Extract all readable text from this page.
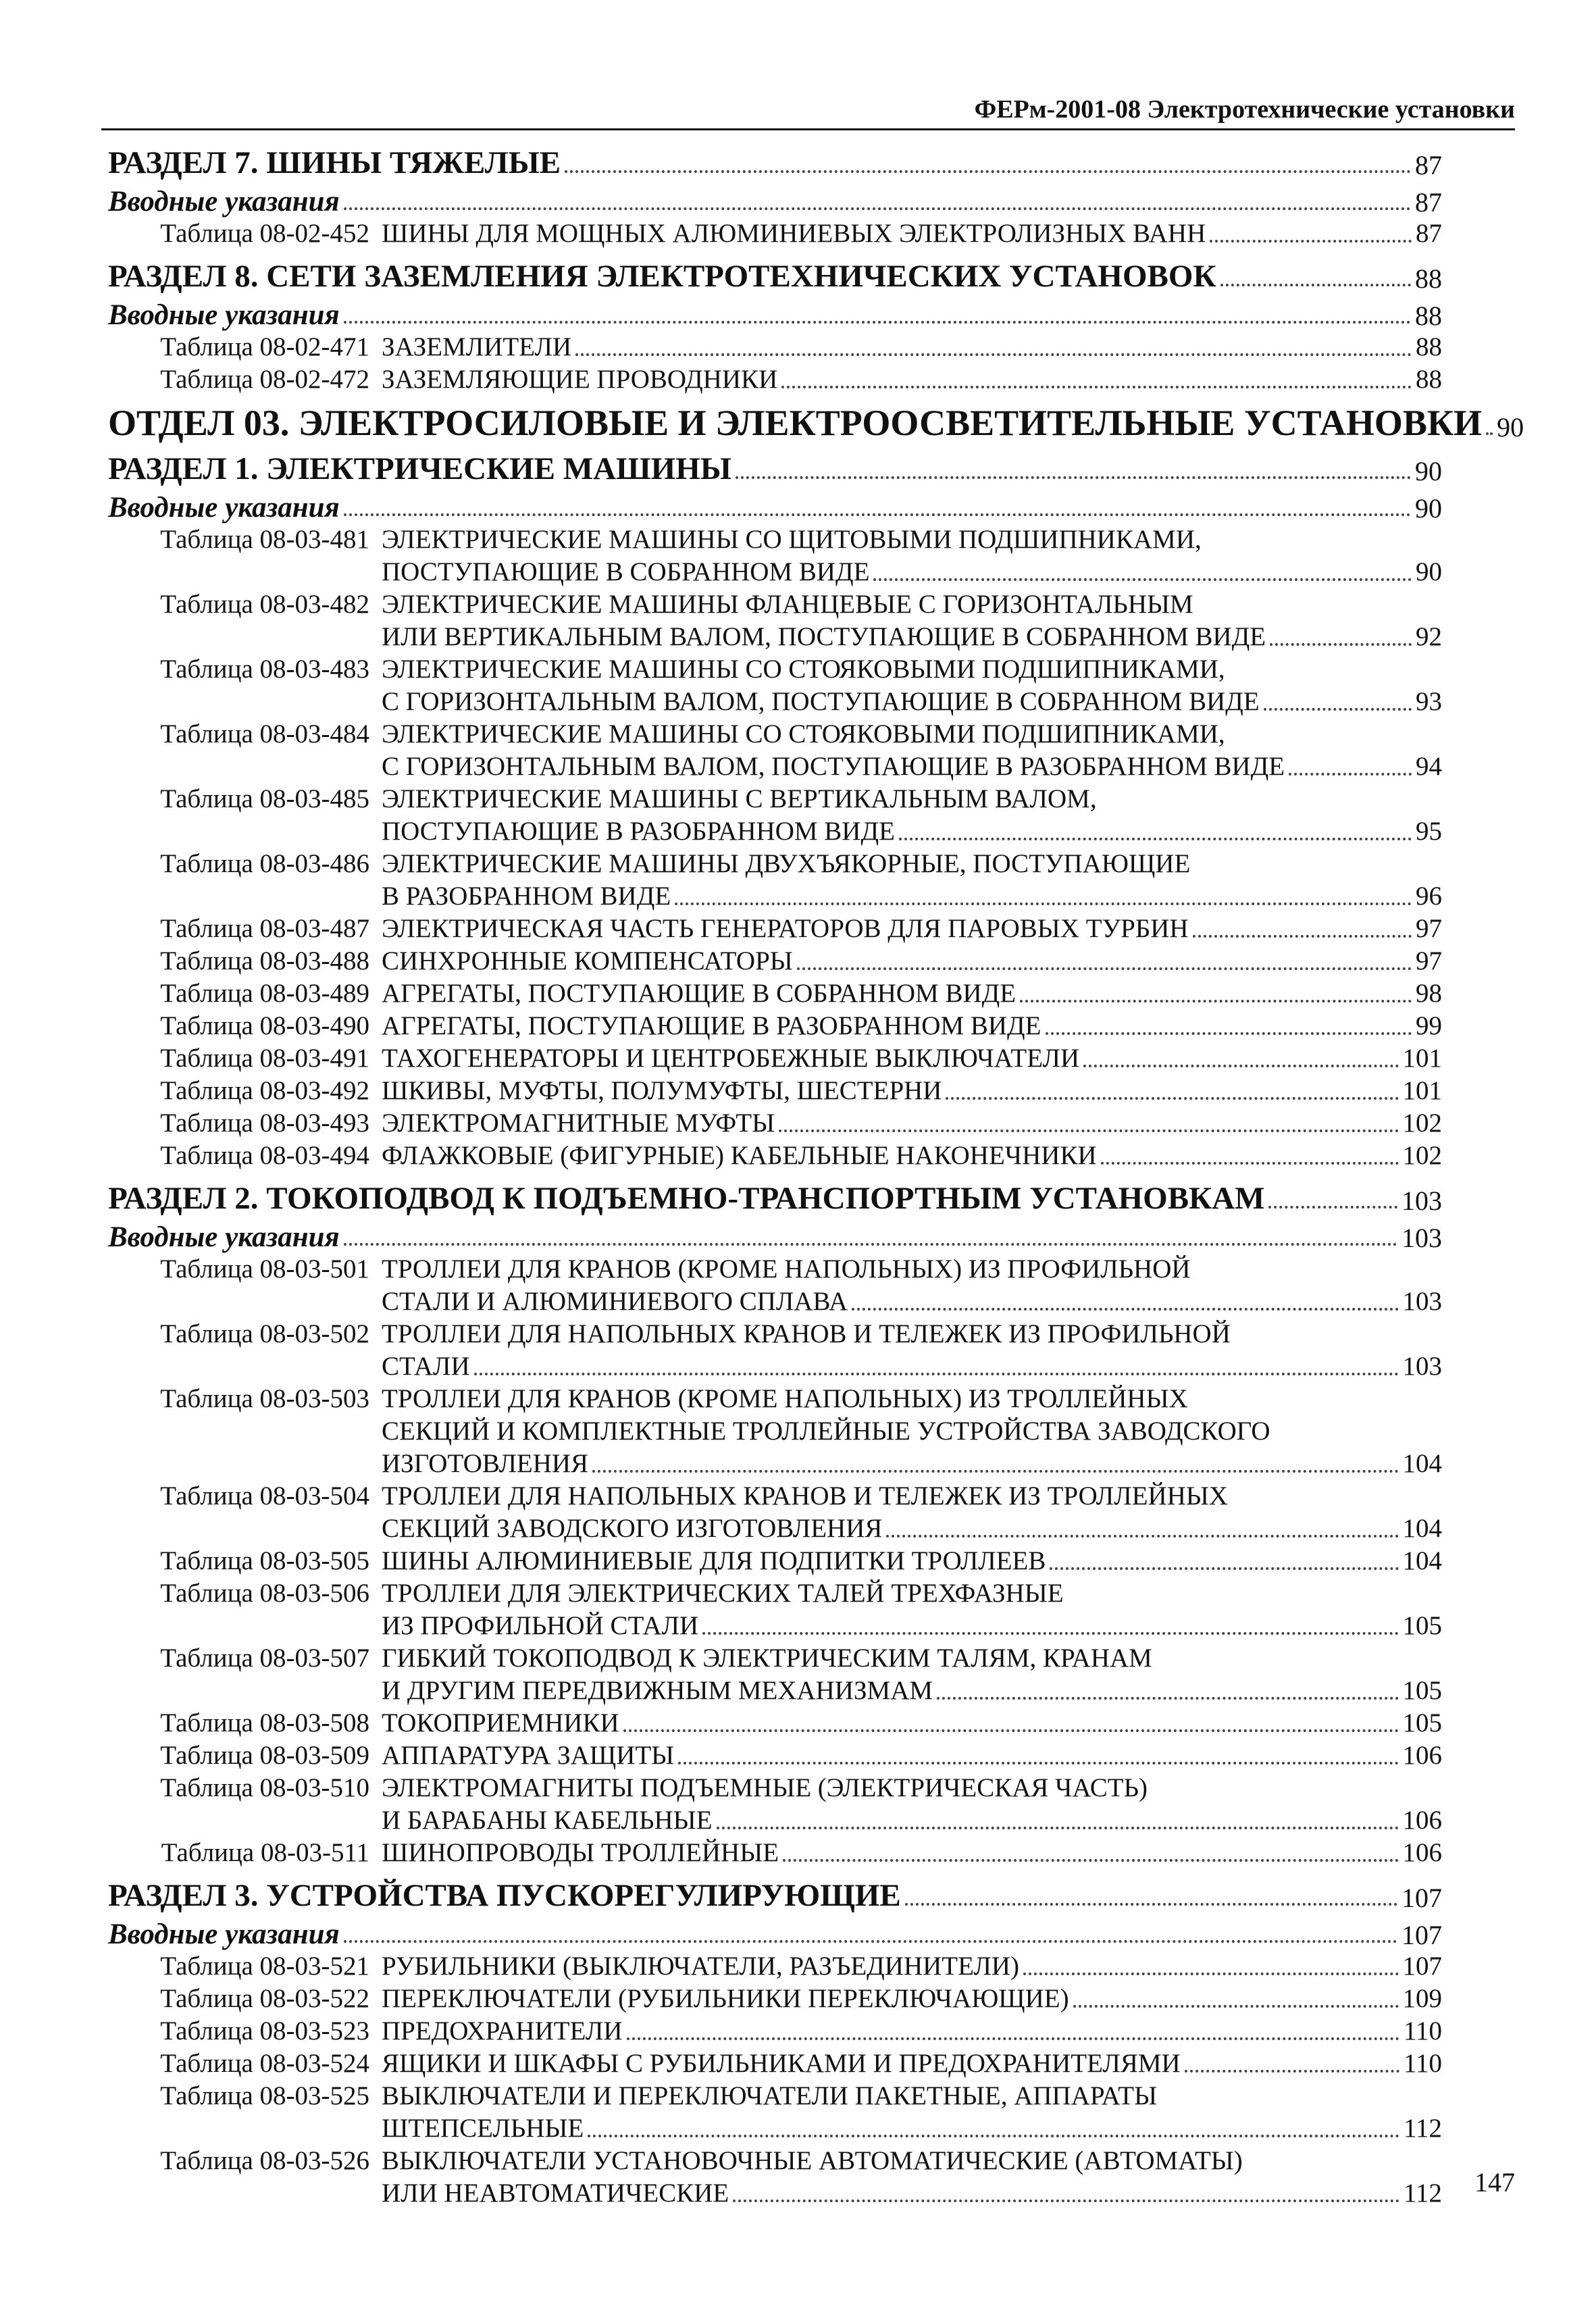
ФЕРм-2001-08 Электротехнические установки
РАЗДЕЛ 7. ШИНЫ ТЯЖЕЛЫЕ	87
Вводные указания	87
Таблица 08-02-452 ШИНЫ ДЛЯ МОЩНЫХ АЛЮМИНИЕВЫХ ЭЛЕКТРОЛИЗНЫХ ВАНН	87
РАЗДЕЛ 8. СЕТИ ЗАЗЕМЛЕНИЯ ЭЛЕКТРОТЕХНИЧЕСКИХ УСТАНОВОК	88
Вводные указания	88
Таблица 08-02-471 ЗАЗЕМЛИТЕЛИ	88
Таблица 08-02-472 ЗАЗЕМЛЯЮЩИЕ ПРОВОДНИКИ	88
ОТДЕЛ 03. ЭЛЕКТРОСИЛОВЫЕ И ЭЛЕКТРООСВЕТИТЕЛЬНЫЕ УСТАНОВКИ 90
РАЗДЕЛ 1. ЭЛЕКТРИЧЕСКИЕ МАШИНЫ	90
Вводные указания	90
Таблица 08-03-481 ЭЛЕКТРИЧЕСКИЕ МАШИНЫ СО ЩИТОВЫМИ ПОДШИПНИКАМИ,
ПОСТУПАЮЩИЕ В СОБРАННОМ ВИДЕ	90
Таблица 08-03-482 ЭЛЕКТРИЧЕСКИЕ МАШИНЫ ФЛАНЦЕВЫЕ С ГОРИЗОНТАЛЬНЫМ
ИЛИ ВЕРТИКАЛЬНЫМ ВАЛОМ, ПОСТУПАЮЩИЕ В СОБРАННОМ ВИДЕ	92
Таблица 08-03-483 ЭЛЕКТРИЧЕСКИЕ МАШИНЫ СО СТОЯКОВЫМИ ПОДШИПНИКАМИ,
С ГОРИЗОНТАЛЬНЫМ ВАЛОМ, ПОСТУПАЮЩИЕ В СОБРАННОМ ВИДЕ	93
Таблица 08-03-484 ЭЛЕКТРИЧЕСКИЕ МАШИНЫ СО СТОЯКОВЫМИ ПОДШИПНИКАМИ,
С ГОРИЗОНТАЛЬНЫМ ВАЛОМ, ПОСТУПАЮЩИЕ В РАЗОБРАННОМ ВИДЕ	94
Таблица 08-03-485 ЭЛЕКТРИЧЕСКИЕ МАШИНЫ С ВЕРТИКАЛЬНЫМ ВАЛОМ,
ПОСТУПАЮЩИЕ В РАЗОБРАННОМ ВИДЕ	95
Таблица 08-03-486 ЭЛЕКТРИЧЕСКИЕ МАШИНЫ ДВУХЪЯКОРНЫЕ, ПОСТУПАЮЩИЕ
В РАЗОБРАННОМ ВИДЕ	96
Таблица 08-03-487 ЭЛЕКТРИЧЕСКАЯ ЧАСТЬ ГЕНЕРАТОРОВ ДЛЯ ПАРОВЫХ ТУРБИН	97
Таблица 08-03-488 СИНХРОННЫЕ КОМПЕНСАТОРЫ	97
Таблица 08-03-489 АГРЕГАТЫ, ПОСТУПАЮЩИЕ В СОБРАННОМ ВИДЕ	98
Таблица 08-03-490 АГРЕГАТЫ, ПОСТУПАЮЩИЕ В РАЗОБРАННОМ ВИДЕ	99
Таблица 08-03-491 ТАХОГЕНЕРАТОРЫ И ЦЕНТРОБЕЖНЫЕ ВЫКЛЮЧАТЕЛИ	101
Таблица 08-03-492 ШКИВЫ, МУФТЫ, ПОЛУМУФТЫ, ШЕСТЕРНИ	101
Таблица 08-03-493 ЭЛЕКТРОМАГНИТНЫЕ МУФТЫ	102
Таблица 08-03-494 ФЛАЖКОВЫЕ (ФИГУРНЫЕ) КАБЕЛЬНЫЕ НАКОНЕЧНИКИ	102
РАЗДЕЛ 2. ТОКОПОДВОД К ПОДЪЕМНО-ТРАНСПОРТНЫМ УСТАНОВКАМ	103
Вводные указания	103
Таблица 08-03-501 ТРОЛЛЕИ ДЛЯ КРАНОВ (КРОМЕ НАПОЛЬНЫХ) ИЗ ПРОФИЛЬНОЙ
СТАЛИ И АЛЮМИНИЕВОГО СПЛАВА	103
Таблица 08-03-502 ТРОЛЛЕИ ДЛЯ НАПОЛЬНЫХ КРАНОВ И ТЕЛЕЖЕК ИЗ ПРОФИЛЬНОЙ
СТАЛИ	103
Таблица 08-03-503 ТРОЛЛЕИ ДЛЯ КРАНОВ (КРОМЕ НАПОЛЬНЫХ) ИЗ ТРОЛЛЕЙНЫХ
СЕКЦИЙ И КОМПЛЕКТНЫЕ ТРОЛЛЕЙНЫЕ УСТРОЙСТВА ЗАВОДСКОГО
ИЗГОТОВЛЕНИЯ	104
Таблица 08-03-504 ТРОЛЛЕИ ДЛЯ НАПОЛЬНЫХ КРАНОВ И ТЕЛЕЖЕК ИЗ ТРОЛЛЕЙНЫХ
СЕКЦИЙ ЗАВОДСКОГО ИЗГОТОВЛЕНИЯ	104
Таблица 08-03-505 ШИНЫ АЛЮМИНИЕВЫЕ ДЛЯ ПОДПИТКИ ТРОЛЛЕЕВ	104
Таблица 08-03-506 ТРОЛЛЕИ ДЛЯ ЭЛЕКТРИЧЕСКИХ ТАЛЕЙ ТРЕХФАЗНЫЕ
ИЗ ПРОФИЛЬНОЙ СТАЛИ	105
Таблица 08-03-507 ГИБКИЙ ТОКОПОДВОД К ЭЛЕКТРИЧЕСКИМ ТАЛЯМ, КРАНАМ
И ДРУГИМ ПЕРЕДВИЖНЫМ МЕХАНИЗМАМ	105
Таблица 08-03-508 ТОКОПРИЕМНИКИ	105
Таблица 08-03-509 АППАРАТУРА ЗАЩИТЫ	106
Таблица 08-03-510 ЭЛЕКТРОМАГНИТЫ ПОДЪЕМНЫЕ (ЭЛЕКТРИЧЕСКАЯ ЧАСТЬ)
И БАРАБАНЫ КАБЕЛЬНЫЕ	106
Таблица 08-03-511 ШИНОПРОВОДЫ ТРОЛЛЕЙНЫЕ	106
РАЗДЕЛ 3. УСТРОЙСТВА ПУСКОРЕГУЛИРУЮЩИЕ	107
Вводные указания	107
Таблица 08-03-521 РУБИЛЬНИКИ (ВЫКЛЮЧАТЕЛИ, РАЗЪЕДИНИТЕЛИ)	107
Таблица 08-03-522 ПЕРЕКЛЮЧАТЕЛИ (РУБИЛЬНИКИ ПЕРЕКЛЮЧАЮЩИЕ)	109
Таблица 08-03-523 ПРЕДОХРАНИТЕЛИ	110
Таблица 08-03-524 ЯЩИКИ И ШКАФЫ С РУБИЛЬНИКАМИ И ПРЕДОХРАНИТЕЛЯМИ	110
Таблица 08-03-525 ВЫКЛЮЧАТЕЛИ И ПЕРЕКЛЮЧАТЕЛИ ПАКЕТНЫЕ, АППАРАТЫ
ШТЕПСЕЛЬНЫЕ	112
Таблица 08-03-526 ВЫКЛЮЧАТЕЛИ УСТАНОВОЧНЫЕ АВТОМАТИЧЕСКИЕ (АВТОМАТЫ)
ИЛИ НЕАВТОМАТИЧЕСКИЕ	112 147
